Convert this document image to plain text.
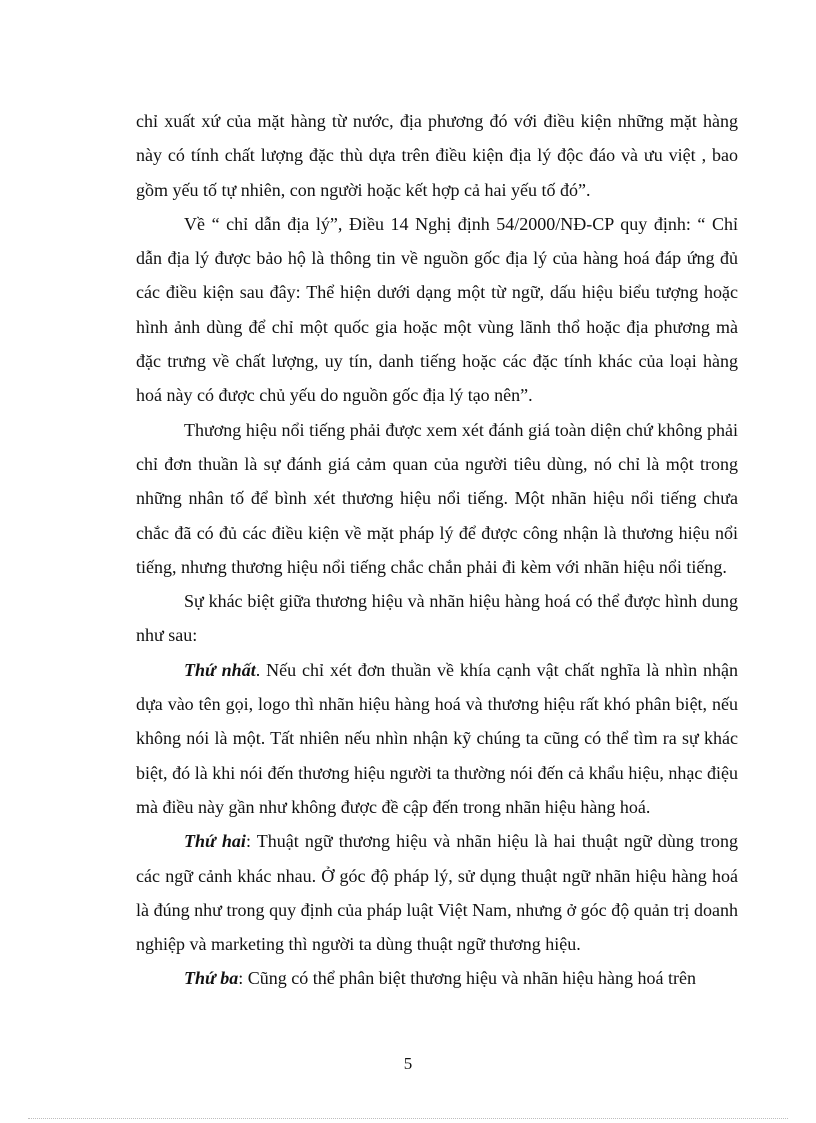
chỉ xuất xứ của mặt hàng từ nước, địa phương đó với điều kiện những mặt hàng này có tính chất lượng đặc thù dựa trên điều kiện địa lý độc đáo và ưu việt , bao gồm yếu tố tự nhiên, con người hoặc kết hợp cả hai yếu tố đó”.

Về “ chỉ dẫn địa lý”, Điều 14 Nghị định 54/2000/NĐ-CP quy định: “ Chỉ dẫn địa lý được bảo hộ là thông tin về nguồn gốc địa lý của hàng hoá đáp ứng đủ các điều kiện sau đây: Thể hiện dưới dạng một từ ngữ, dấu hiệu biểu tượng hoặc hình ảnh dùng để chỉ một quốc gia hoặc một vùng lãnh thổ hoặc địa phương mà đặc trưng về chất lượng, uy tín, danh tiếng hoặc các đặc tính khác của loại hàng hoá này có được chủ yếu do nguồn gốc địa lý tạo nên”.

Thương hiệu nổi tiếng phải được xem xét đánh giá toàn diện chứ không phải chỉ đơn thuần là sự đánh giá cảm quan của người tiêu dùng, nó chỉ là một trong những nhân tố để bình xét thương hiệu nổi tiếng. Một nhãn hiệu nổi tiếng chưa chắc đã có đủ các điều kiện về mặt pháp lý để được công nhận là thương hiệu nổi tiếng, nhưng thương hiệu nổi tiếng chắc chắn phải đi kèm với nhãn hiệu nổi tiếng.

Sự khác biệt giữa thương hiệu và nhãn hiệu hàng hoá có thể được hình dung như sau:

Thứ nhất. Nếu chỉ xét đơn thuần về khía cạnh vật chất nghĩa là nhìn nhận dựa vào tên gọi, logo thì nhãn hiệu hàng hoá và thương hiệu rất khó phân biệt, nếu không nói là một. Tất nhiên nếu nhìn nhận kỹ chúng ta cũng có thể tìm ra sự khác biệt, đó là khi nói đến thương hiệu người ta thường nói đến cả khẩu hiệu, nhạc điệu mà điều này gần như không được đề cập đến trong nhãn hiệu hàng hoá.

Thứ hai: Thuật ngữ thương hiệu và nhãn hiệu là hai thuật ngữ dùng trong các ngữ cảnh khác nhau. Ở góc độ pháp lý, sử dụng thuật ngữ nhãn hiệu hàng hoá là đúng như trong quy định của pháp luật Việt Nam, nhưng ở góc độ quản trị doanh nghiệp và marketing thì người ta dùng thuật ngữ thương hiệu.

Thứ ba: Cũng có thể phân biệt thương hiệu và nhãn hiệu hàng hoá trên

5
